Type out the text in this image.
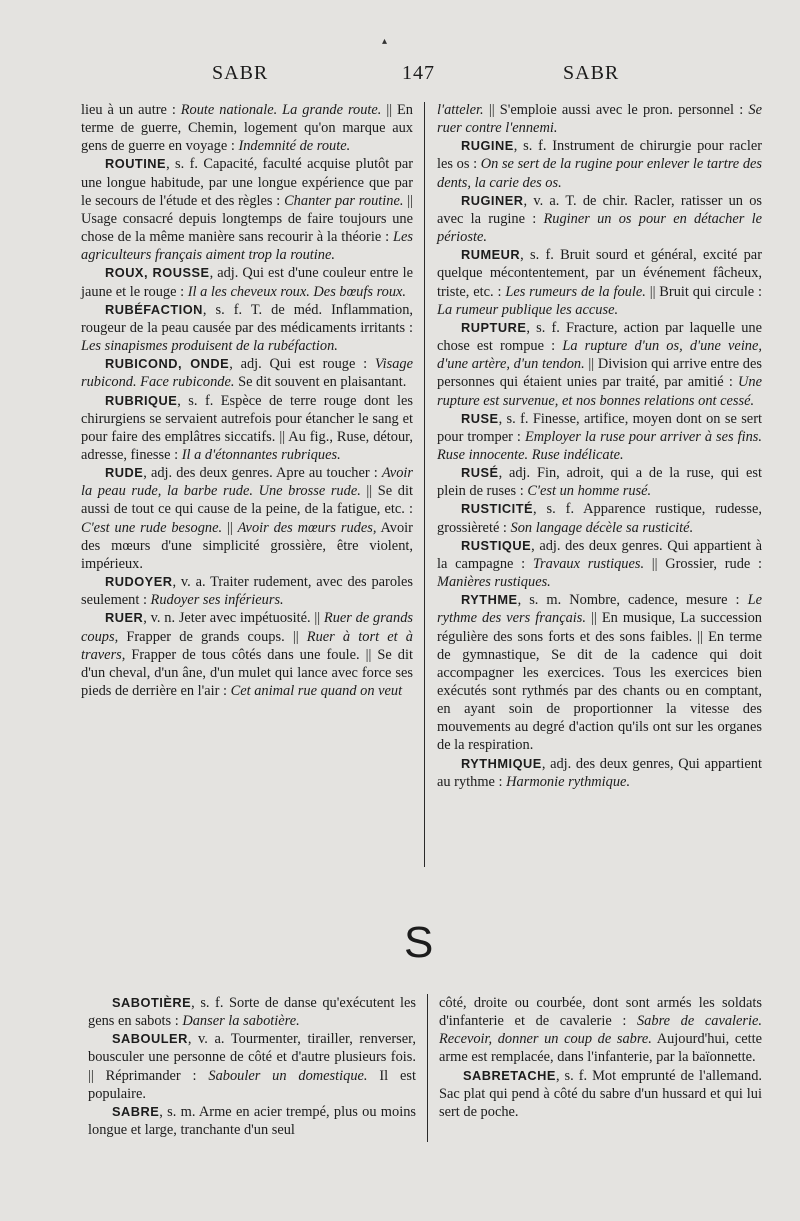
▴
SABR	147	SABR

lieu à un autre : Route nationale. La grande route. || En terme de guerre, Chemin, logement qu'on marque aux gens de guerre en voyage : Indemnité de route.

ROUTINE, s. f. Capacité, faculté acquise plutôt par une longue habitude, par une longue expérience que par le secours de l'étude et des règles : Chanter par routine. || Usage consacré depuis longtemps de faire toujours une chose de la même manière sans recourir à la théorie : Les agriculteurs français aiment trop la routine.

ROUX, ROUSSE, adj. Qui est d'une couleur entre le jaune et le rouge : Il a les cheveux roux. Des bœufs roux.

RUBÉFACTION, s. f. T. de méd. Inflammation, rougeur de la peau causée par des médicaments irritants : Les sinapismes produisent de la rubéfaction.

RUBICOND, ONDE, adj. Qui est rouge : Visage rubicond. Face rubiconde. Se dit souvent en plaisantant.

RUBRIQUE, s. f. Espèce de terre rouge dont les chirurgiens se servaient autrefois pour étancher le sang et pour faire des emplâtres siccatifs. || Au fig., Ruse, détour, adresse, finesse : Il a d'étonnantes rubriques.

RUDE, adj. des deux genres. Apre au toucher : Avoir la peau rude, la barbe rude. Une brosse rude. || Se dit aussi de tout ce qui cause de la peine, de la fatigue, etc. : C'est une rude besogne. || Avoir des mœurs rudes, Avoir des mœurs d'une simplicité grossière, être violent, impérieux.

RUDOYER, v. a. Traiter rudement, avec des paroles seulement : Rudoyer ses inférieurs.

RUER, v. n. Jeter avec impétuosité. || Ruer de grands coups, Frapper de grands coups. || Ruer à tort et à travers, Frapper de tous côtés dans une foule. || Se dit d'un cheval, d'un âne, d'un mulet qui lance avec force ses pieds de derrière en l'air : Cet animal rue quand on veut

l'atteler. || S'emploie aussi avec le pron. personnel : Se ruer contre l'ennemi.

RUGINE, s. f. Instrument de chirurgie pour racler les os : On se sert de la rugine pour enlever le tartre des dents, la carie des os.

RUGINER, v. a. T. de chir. Racler, ratisser un os avec la rugine : Ruginer un os pour en détacher le périoste.

RUMEUR, s. f. Bruit sourd et général, excité par quelque mécontentement, par un événement fâcheux, triste, etc. : Les rumeurs de la foule. || Bruit qui circule : La rumeur publique les accuse.

RUPTURE, s. f. Fracture, action par laquelle une chose est rompue : La rupture d'un os, d'une veine, d'une artère, d'un tendon. || Division qui arrive entre des personnes qui étaient unies par traité, par amitié : Une rupture est survenue, et nos bonnes relations ont cessé.

RUSE, s. f. Finesse, artifice, moyen dont on se sert pour tromper : Employer la ruse pour arriver à ses fins. Ruse innocente. Ruse indélicate.

RUSÉ, adj. Fin, adroit, qui a de la ruse, qui est plein de ruses : C'est un homme rusé.

RUSTICITÉ, s. f. Apparence rustique, rudesse, grossièreté : Son langage décèle sa rusticité.

RUSTIQUE, adj. des deux genres. Qui appartient à la campagne : Travaux rustiques. || Grossier, rude : Manières rustiques.

RYTHME, s. m. Nombre, cadence, mesure : Le rythme des vers français. || En musique, La succession régulière des sons forts et des sons faibles. || En terme de gymnastique, Se dit de la cadence qui doit accompagner les exercices. Tous les exercices bien exécutés sont rythmés par des chants ou en comptant, en ayant soin de proportionner la vitesse des mouvements au degré d'action qu'ils ont sur les organes de la respiration.

RYTHMIQUE, adj. des deux genres, Qui appartient au rythme : Harmonie rythmique.

S

SABOTIÈRE, s. f. Sorte de danse qu'exécutent les gens en sabots : Danser la sabotière.

SABOULER, v. a. Tourmenter, tirailler, renverser, bousculer une personne de côté et d'autre plusieurs fois. || Réprimander : Sabouler un domestique. Il est populaire.

SABRE, s. m. Arme en acier trempé, plus ou moins longue et large, tranchante d'un seul

côté, droite ou courbée, dont sont armés les soldats d'infanterie et de cavalerie : Sabre de cavalerie. Recevoir, donner un coup de sabre. Aujourd'hui, cette arme est remplacée, dans l'infanterie, par la baïonnette.

SABRETACHE, s. f. Mot emprunté de l'allemand. Sac plat qui pend à côté du sabre d'un hussard et qui lui sert de poche.
